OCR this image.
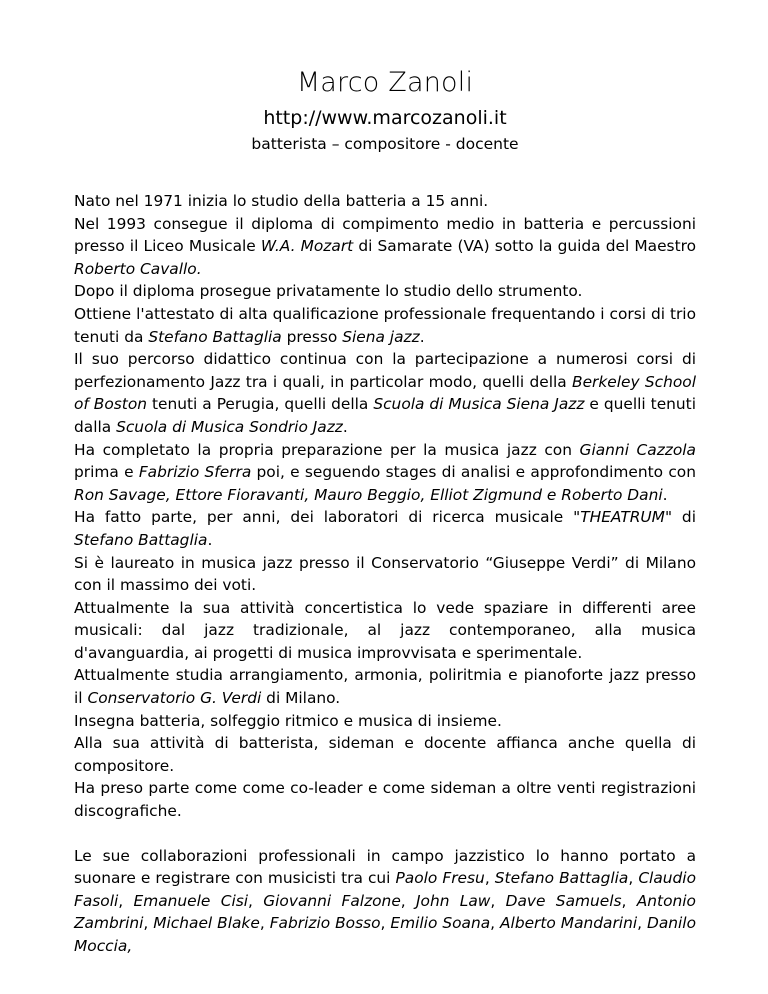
Marco Zanoli
http://www.marcozanoli.it
batterista – compositore - docente

Nato nel 1971 inizia lo studio della batteria a 15 anni.
Nel 1993 consegue il diploma di compimento medio in batteria e percussioni presso il Liceo Musicale W.A. Mozart di Samarate (VA) sotto la guida del Maestro Roberto Cavallo.
Dopo il diploma prosegue privatamente lo studio dello strumento.
Ottiene l'attestato di alta qualificazione professionale frequentando i corsi di trio tenuti da Stefano Battaglia presso Siena jazz.
Il suo percorso didattico continua con la partecipazione a numerosi corsi di perfezionamento Jazz tra i quali, in particolar modo, quelli della Berkeley School of Boston tenuti a Perugia, quelli della Scuola di Musica Siena Jazz e quelli tenuti dalla Scuola di Musica Sondrio Jazz.
Ha completato la propria preparazione per la musica jazz con Gianni Cazzola prima e Fabrizio Sferra poi, e seguendo stages di analisi e approfondimento con Ron Savage, Ettore Fioravanti, Mauro Beggio, Elliot Zigmund e Roberto Dani.
Ha fatto parte, per anni, dei laboratori di ricerca musicale "THEATRUM" di Stefano Battaglia.
Si è laureato in musica jazz presso il Conservatorio “Giuseppe Verdi” di Milano con il massimo dei voti.
Attualmente la sua attività concertistica lo vede spaziare in differenti aree musicali: dal jazz tradizionale, al jazz contemporaneo, alla musica d'avanguardia, ai progetti di musica improvvisata e sperimentale.
Attualmente studia arrangiamento, armonia, poliritmia e pianoforte jazz presso il Conservatorio G. Verdi di Milano.
Insegna batteria, solfeggio ritmico e musica di insieme.
Alla sua attività di batterista, sideman e docente affianca anche quella di compositore.
Ha preso parte come come co-leader e come sideman a oltre venti registrazioni discografiche.

Le sue collaborazioni professionali in campo jazzistico lo hanno portato a suonare e registrare con musicisti tra cui Paolo Fresu, Stefano Battaglia, Claudio Fasoli, Emanuele Cisi, Giovanni Falzone, John Law, Dave Samuels, Antonio Zambrini, Michael Blake, Fabrizio Bosso, Emilio Soana, Alberto Mandarini, Danilo Moccia,
